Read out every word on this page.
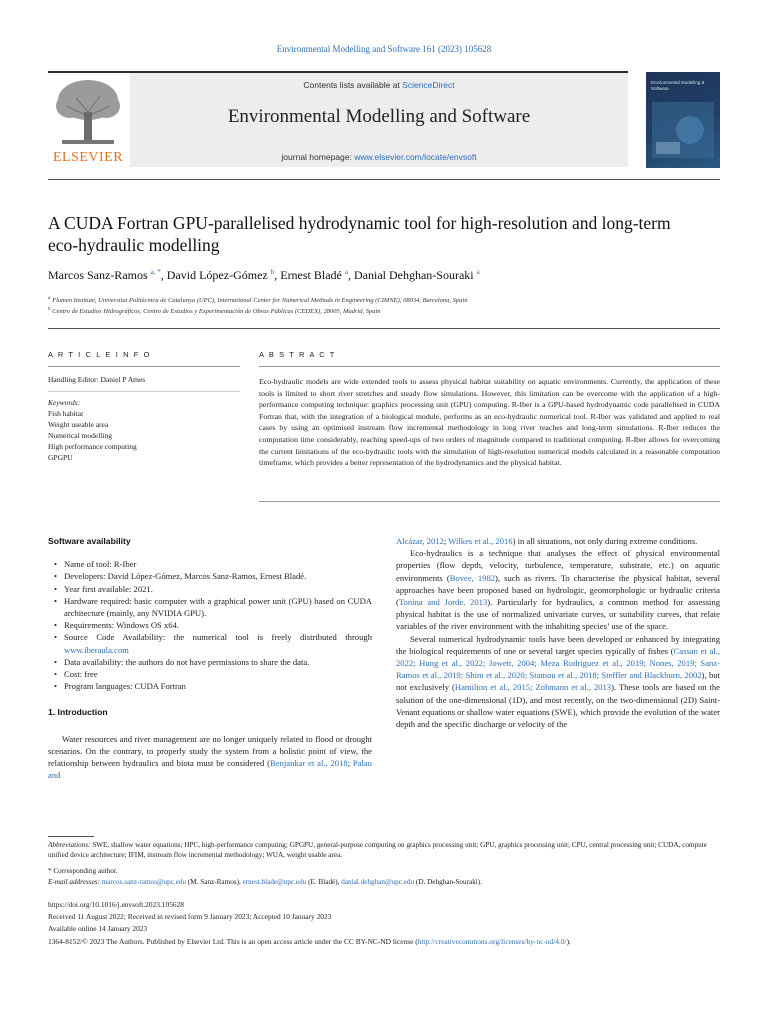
Environmental Modelling and Software 161 (2023) 105628
ELSEVIER
Contents lists available at ScienceDirect
Environmental Modelling and Software
journal homepage: www.elsevier.com/locate/envsoft
Environmental Modelling & Software
A CUDA Fortran GPU-parallelised hydrodynamic tool for high-resolution and long-term eco-hydraulic modelling
Marcos Sanz-Ramos $^{a, *}$, David López-Gómez $^b$, Ernest Bladé $^a$, Danial Dehghan-Souraki $^a$
$^a$ Flumen Institute, Universitat Politècnica de Catalunya (UPC), International Center for Numerical Methods in Engineering (CIMNE), 08034, Barcelona, Spain
$^b$ Centro de Estudios Hidrográficos, Centro de Estudios y Experimentación de Obras Públicas (CEDEX), 28005, Madrid, Spain
A R T I C L E I N F O
Handling Editor: Daniel P Ames
Keywords:
Fish habitat
Weight useable area
Numerical modelling
High performance computing
GPGPU
A B S T R A C T
Eco-hydraulic models are wide extended tools to assess physical habitat suitability on aquatic environments. Currently, the application of these tools is limited to short river stretches and steady flow simulations. However, this limitation can be overcome with the application of a high-performance computing technique: graphics processing unit (GPU) computing. R-Iber is a GPU-based hydrodynamic code parallelised in CUDA Fortran that, with the integration of a biological module, performs as an eco-hydraulic numerical tool. R-Iber was validated and applied to real cases by using an optimised instream flow incremental methodology in long river reaches and long-term simulations. R-Iber reduces the computation time considerably, reaching speed-ups of two orders of magnitude compared to traditional computing. R-Iber allows for overcoming the current limitations of the eco-hydraulic tools with the simulation of high-resolution numerical models calculated in a reasonable computation timeframe, which provides a better representation of the hydrodynamics and the physical habitat.
Software availability
• Name of tool: R-Iber
• Developers: David López-Gómez, Marcos Sanz-Ramos, Ernest Bladé.
• Year first available: 2021.
• Hardware required: basic computer with a graphical power unit (GPU) based on CUDA architecture (mainly, any NVIDIA GPU).
• Requirements: Windows OS x64.
• Source Code Availability: the numerical tool is freely distributed through www.iberaula.com
• Data availability: the authors do not have permissions to share the data.
• Cost: free
• Program languages: CUDA Fortran
1. Introduction

Water resources and river management are no longer uniquely related to flood or drought scenarios. On the contrary, to properly study the system from a holistic point of view, the relationship between hydraulics and biota must be considered (Benjankar et al., 2018; Palau and

Alcázar, 2012; Wilkes et al., 2016) in all situations, not only during extreme conditions.

Eco-hydraulics is a technique that analyses the effect of physical environmental properties (flow depth, velocity, turbulence, temperature, substrate, etc.) on aquatic environments (Bovee, 1982), such as rivers. To characterise the physical habitat, several approaches have been proposed based on hydrologic, geomorphologic or hydraulic criteria (Tonina and Jorde, 2013). Particularly for hydraulics, a common method for assessing physical habitat is the use of normalized univariate curves, or suitability curves, that relate variables of the river environment with the inhabiting species’ use of the space.

Several numerical hydrodynamic tools have been developed or enhanced by integrating the biological requirements of one or several target species typically of fishes (Cassan et al., 2022; Hung et al., 2022; Jowett, 2004; Meza Rodriguez et al., 2019; Nones, 2019; Sanz-Ramos et al., 2019; Shim et al., 2020; Stamou et al., 2018; Steffler and Blackburn, 2002), but not exclusively (Hamilton et al., 2015; Zohmann et al., 2013). These tools are based on the solution of the one-dimensional (1D), and most recently, on the two-dimensional (2D) Saint-Venant equations or shallow water equations (SWE), which provide the evolution of the water depth and the specific discharge or velocity of the

Abbreviations: SWE, shallow water equations; HPC, high-performance computing; GPGPU, general-purpose computing on graphics processing unit; GPU, graphics processing unit; CPU, central processing unit; CUDA, compute unified device architecture; IFIM, instream flow incremental methodology; WUA, weight usable area.
* Corresponding author.
E-mail addresses: marcos.sanz-ramos@upc.edu (M. Sanz-Ramos), ernest.blade@upc.edu (E. Bladé), danial.dehghan@upc.edu (D. Dehghan-Souraki).
https://doi.org/10.1016/j.envsoft.2023.105628
Received 11 August 2022; Received in revised form 9 January 2023; Accepted 10 January 2023
Available online 14 January 2023
1364-8152/© 2023 The Authors. Published by Elsevier Ltd. This is an open access article under the CC BY-NC-ND license (http://creativecommons.org/licenses/by-nc-nd/4.0/).
